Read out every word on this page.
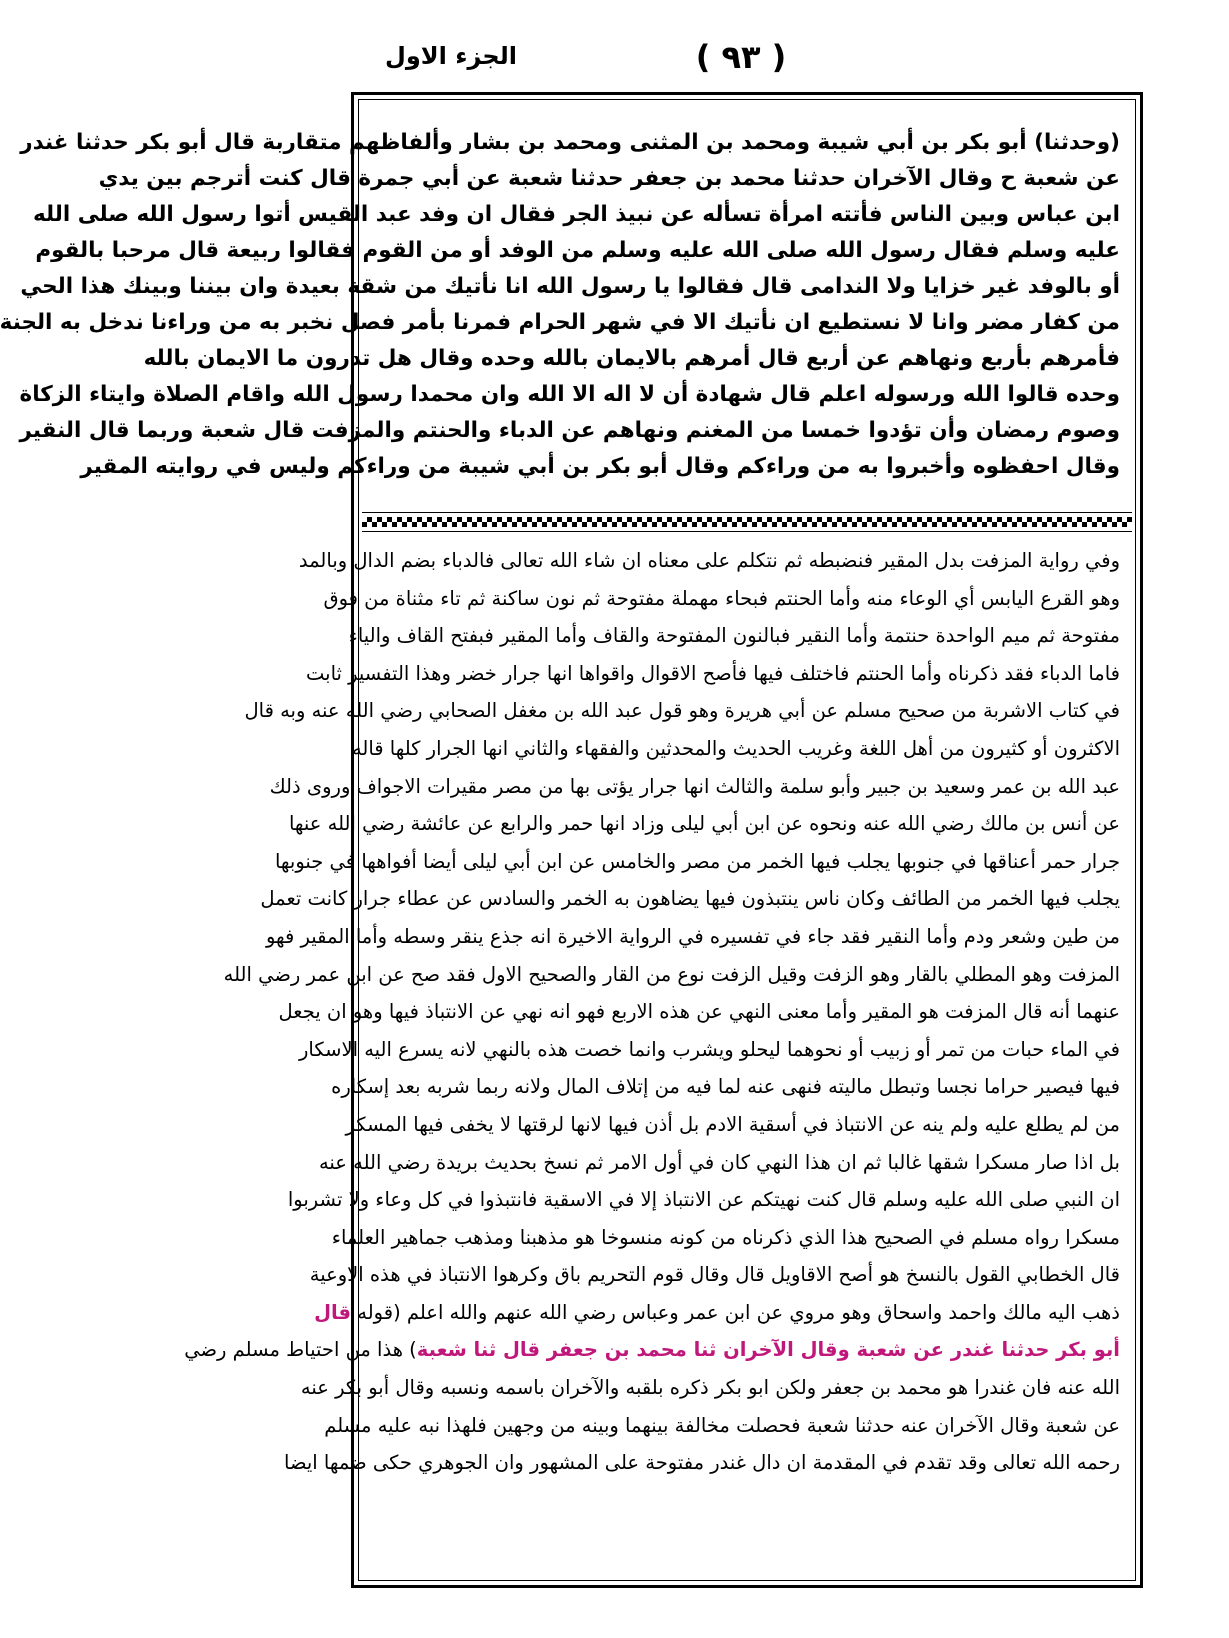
( ٩٣ )
الجزء الاول

(وحدثنا) أبو بكر بن أبي شيبة ومحمد بن المثنى ومحمد بن بشار وألفاظهم متقاربة قال أبو بكر حدثنا غندر

عن شعبة ح وقال الآخران حدثنا محمد بن جعفر حدثنا شعبة عن أبي جمرة قال كنت أترجم بين يدي

ابن عباس وبين الناس فأتته امرأة تسأله عن نبيذ الجر فقال ان وفد عبد القيس أتوا رسول الله صلى الله

عليه وسلم فقال رسول الله صلى الله عليه وسلم من الوفد أو من القوم فقالوا ربيعة قال مرحبا بالقوم

أو بالوفد غير خزايا ولا الندامى قال فقالوا يا رسول الله انا نأتيك من شقة بعيدة وان بيننا وبينك هذا الحي

من كفار مضر وانا لا نستطيع ان نأتيك الا في شهر الحرام فمرنا بأمر فصل نخبر به من وراءنا ندخل به الجنة

فأمرهم بأربع ونهاهم عن أربع قال أمرهم بالايمان بالله وحده وقال هل تدرون ما الايمان بالله

وحده قالوا الله ورسوله اعلم قال شهادة أن لا اله الا الله وان محمدا رسول الله واقام الصلاة وايتاء الزكاة

وصوم رمضان وأن تؤدوا خمسا من المغنم ونهاهم عن الدباء والحنتم والمزفت قال شعبة وربما قال النقير

وقال احفظوه وأخبروا به من وراءكم وقال أبو بكر بن أبي شيبة من وراءكم وليس في روايته المقير

وفي رواية المزفت بدل المقير فنضبطه ثم نتكلم على معناه ان شاء الله تعالى فالدباء بضم الدال وبالمد

وهو القرع اليابس أي الوعاء منه وأما الحنتم فبحاء مهملة مفتوحة ثم نون ساكنة ثم تاء مثناة من فوق

مفتوحة ثم ميم الواحدة حنتمة وأما النقير فبالنون المفتوحة والقاف وأما المقير فبفتح القاف والياء

فاما الدباء فقد ذكرناه وأما الحنتم فاختلف فيها فأصح الاقوال واقواها انها جرار خضر وهذا التفسير ثابت

في كتاب الاشربة من صحيح مسلم عن أبي هريرة وهو قول عبد الله بن مغفل الصحابي رضي الله عنه وبه قال

الاكثرون أو كثيرون من أهل اللغة وغريب الحديث والمحدثين والفقهاء والثاني انها الجرار كلها قاله

عبد الله بن عمر وسعيد بن جبير وأبو سلمة والثالث انها جرار يؤتى بها من مصر مقيرات الاجواف وروى ذلك

عن أنس بن مالك رضي الله عنه ونحوه عن ابن أبي ليلى وزاد انها حمر والرابع عن عائشة رضي الله عنها

جرار حمر أعناقها في جنوبها يجلب فيها الخمر من مصر والخامس عن ابن أبي ليلى أيضا أفواهها في جنوبها

يجلب فيها الخمر من الطائف وكان ناس ينتبذون فيها يضاهون به الخمر والسادس عن عطاء جرار كانت تعمل

من طين وشعر ودم وأما النقير فقد جاء في تفسيره في الرواية الاخيرة انه جذع ينقر وسطه وأما المقير فهو

المزفت وهو المطلي بالقار وهو الزفت وقيل الزفت نوع من القار والصحيح الاول فقد صح عن ابن عمر رضي الله

عنهما أنه قال المزفت هو المقير وأما معنى النهي عن هذه الاربع فهو انه نهي عن الانتباذ فيها وهو ان يجعل

في الماء حبات من تمر أو زبيب أو نحوهما ليحلو ويشرب وانما خصت هذه بالنهي لانه يسرع اليه الاسكار

فيها فيصير حراما نجسا وتبطل ماليته فنهى عنه لما فيه من إتلاف المال ولانه ربما شربه بعد إسكاره

من لم يطلع عليه ولم ينه عن الانتباذ في أسقية الادم بل أذن فيها لانها لرقتها لا يخفى فيها المسكر

بل اذا صار مسكرا شقها غالبا ثم ان هذا النهي كان في أول الامر ثم نسخ بحديث بريدة رضي الله عنه

ان النبي صلى الله عليه وسلم قال كنت نهيتكم عن الانتباذ إلا في الاسقية فانتبذوا في كل وعاء ولا تشربوا

مسكرا رواه مسلم في الصحيح هذا الذي ذكرناه من كونه منسوخا هو مذهبنا ومذهب جماهير العلماء

قال الخطابي القول بالنسخ هو أصح الاقاويل قال وقال قوم التحريم باق وكرهوا الانتباذ في هذه الاوعية

ذهب اليه مالك واحمد واسحاق وهو مروي عن ابن عمر وعباس رضي الله عنهم والله اعلم (قوله قال

أبو بكر حدثنا غندر عن شعبة وقال الآخران ثنا محمد بن جعفر قال ثنا شعبة) هذا من احتياط مسلم رضي

الله عنه فان غندرا هو محمد بن جعفر ولكن ابو بكر ذكره بلقبه والآخران باسمه ونسبه وقال أبو بكر عنه

عن شعبة وقال الآخران عنه حدثنا شعبة فحصلت مخالفة بينهما وبينه من وجهين فلهذا نبه عليه مسلم

رحمه الله تعالى وقد تقدم في المقدمة ان دال غندر مفتوحة على المشهور وان الجوهري حكى ضمها ايضا
